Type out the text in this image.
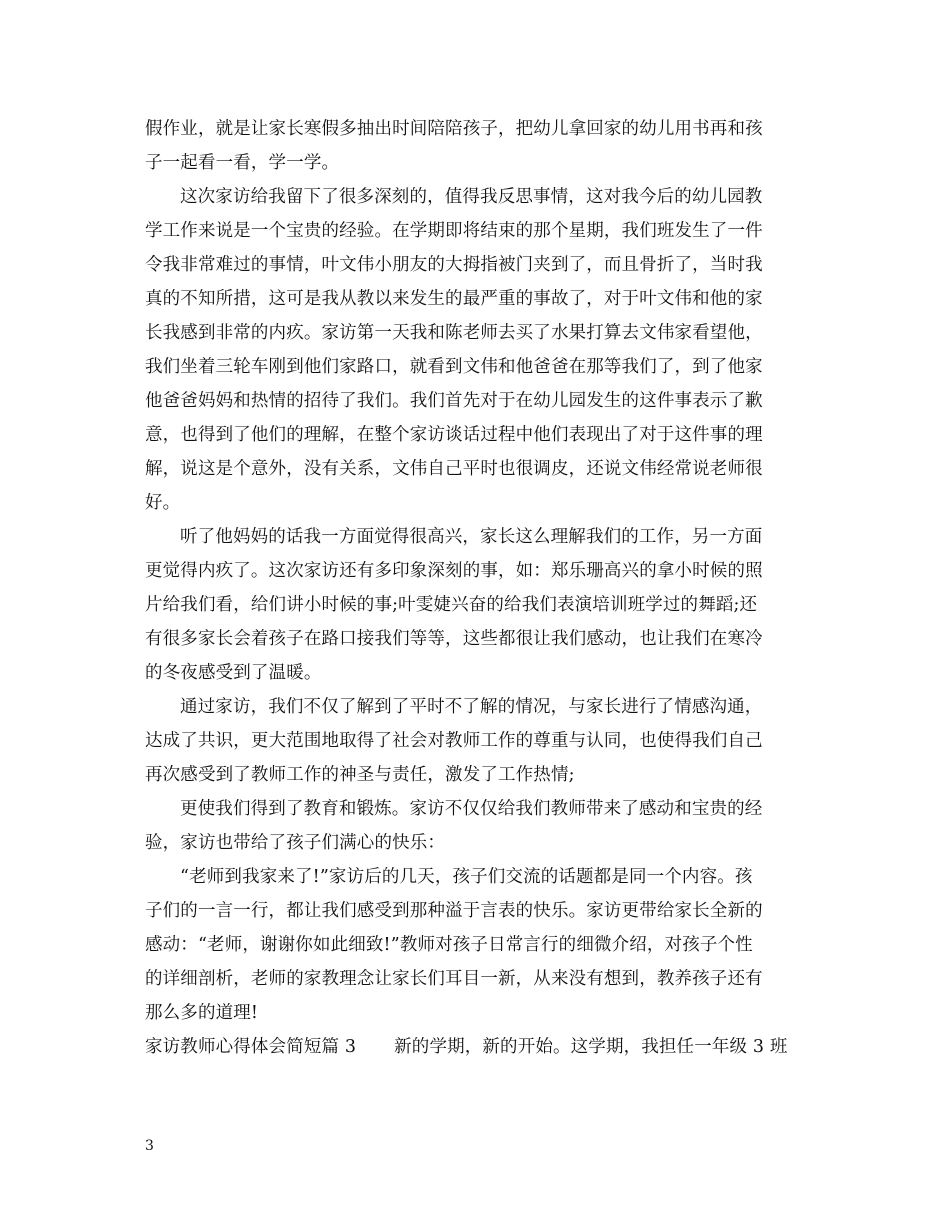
假作业，就是让家长寒假多抽出时间陪陪孩子，把幼儿拿回家的幼儿用书再和孩
子一起看一看，学一学。
这次家访给我留下了很多深刻的，值得我反思事情，这对我今后的幼儿园教
学工作来说是一个宝贵的经验。在学期即将结束的那个星期，我们班发生了一件
令我非常难过的事情，叶文伟小朋友的大拇指被门夹到了，而且骨折了，当时我
真的不知所措，这可是我从教以来发生的最严重的事故了，对于叶文伟和他的家
长我感到非常的内疚。家访第一天我和陈老师去买了水果打算去文伟家看望他，
我们坐着三轮车刚到他们家路口，就看到文伟和他爸爸在那等我们了，到了他家
他爸爸妈妈和热情的招待了我们。我们首先对于在幼儿园发生的这件事表示了歉
意，也得到了他们的理解，在整个家访谈话过程中他们表现出了对于这件事的理
解，说这是个意外，没有关系，文伟自己平时也很调皮，还说文伟经常说老师很
好。
听了他妈妈的话我一方面觉得很高兴，家长这么理解我们的工作，另一方面
更觉得内疚了。这次家访还有多印象深刻的事，如：郑乐珊高兴的拿小时候的照
片给我们看，给们讲小时候的事;叶雯婕兴奋的给我们表演培训班学过的舞蹈;还
有很多家长会着孩子在路口接我们等等，这些都很让我们感动，也让我们在寒冷
的冬夜感受到了温暖。
通过家访，我们不仅了解到了平时不了解的情况，与家长进行了情感沟通，
达成了共识，更大范围地取得了社会对教师工作的尊重与认同，也使得我们自己
再次感受到了教师工作的神圣与责任，激发了工作热情;
更使我们得到了教育和锻炼。家访不仅仅给我们教师带来了感动和宝贵的经
验，家访也带给了孩子们满心的快乐：
“老师到我家来了!”家访后的几天，孩子们交流的话题都是同一个内容。孩
子们的一言一行，都让我们感受到那种溢于言表的快乐。家访更带给家长全新的
感动：“老师，谢谢你如此细致!”教师对孩子日常言行的细微介绍，对孩子个性
的详细剖析，老师的家教理念让家长们耳目一新，从来没有想到，教养孩子还有
那么多的道理!
家访教师心得体会简短篇 3 新的学期，新的开始。这学期，我担任一年级 3 班
3
